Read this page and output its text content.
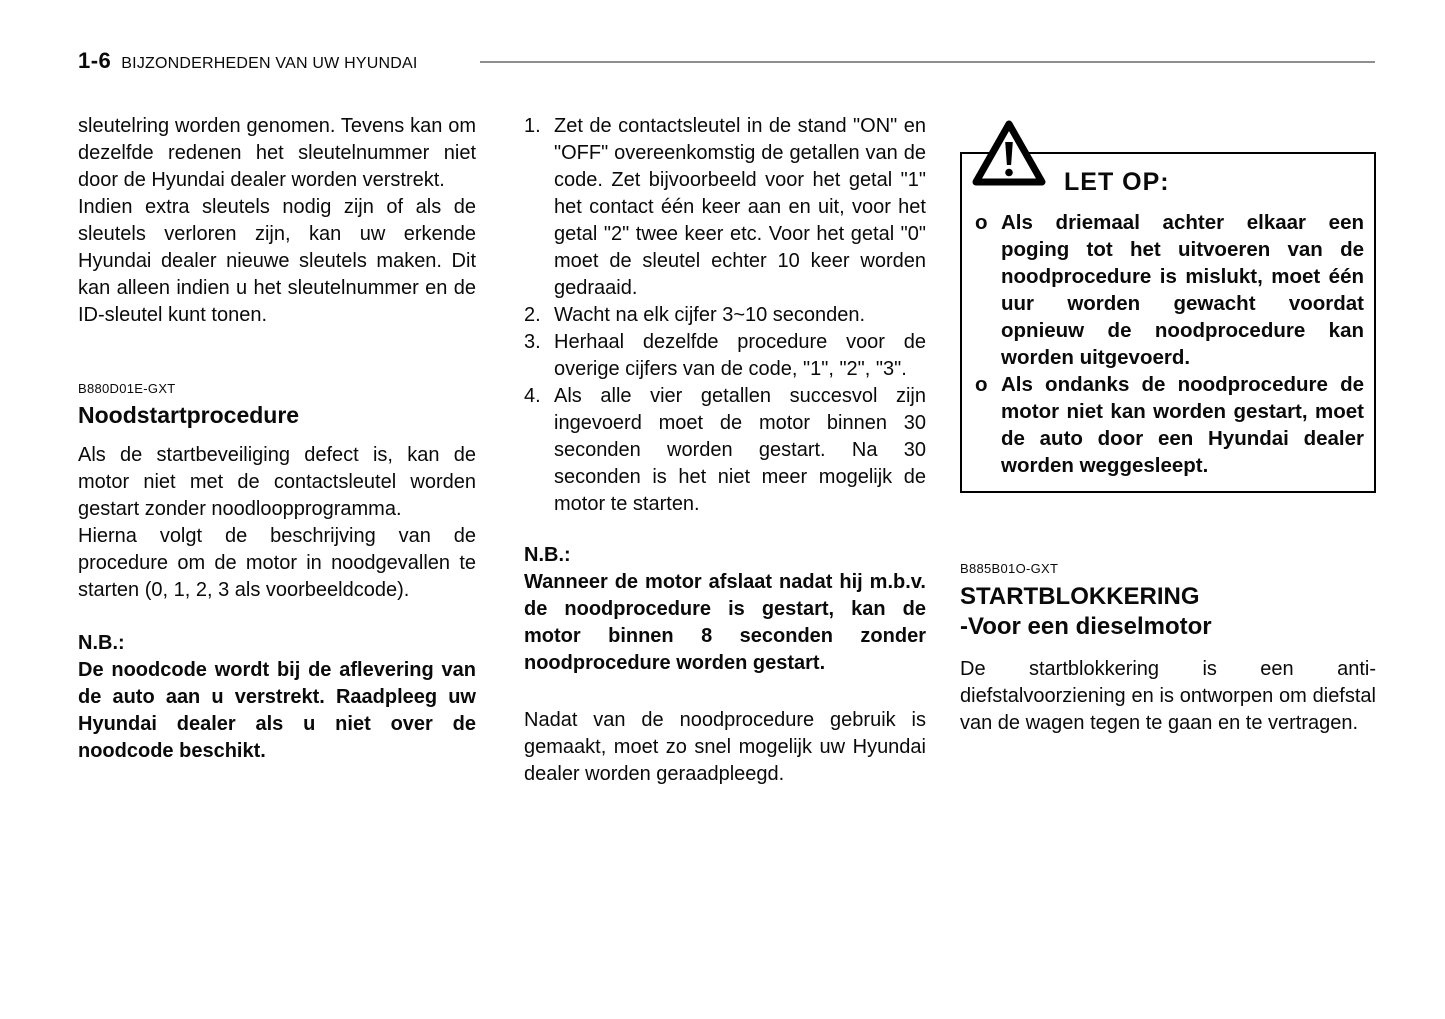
1-6 BIJZONDERHEDEN VAN UW HYUNDAI

sleutelring worden genomen. Tevens kan om dezelfde redenen het sleutelnummer niet door de Hyundai dealer worden verstrekt.

Indien extra sleutels nodig zijn of als de sleutels verloren zijn, kan uw erkende Hyundai dealer nieuwe sleutels maken. Dit kan alleen indien u het sleutelnummer en de ID-sleutel kunt tonen.

B880D01E-GXT
Noodstartprocedure

Als de startbeveiliging defect is, kan de motor niet met de contactsleutel worden gestart zonder noodloopprogramma.

Hierna volgt de beschrijving van de procedure om de motor in noodgevallen te starten (0, 1, 2, 3 als voorbeeldcode).

N.B.:

De noodcode wordt bij de aflevering van de auto aan u verstrekt. Raadpleeg uw Hyundai dealer als u niet over de noodcode beschikt.

1. Zet de contactsleutel in de stand "ON" en "OFF" overeenkomstig de getallen van de code. Zet bijvoorbeeld voor het getal "1" het contact één keer aan en uit, voor het getal "2" twee keer etc. Voor het getal "0" moet de sleutel echter 10 keer worden gedraaid.
2. Wacht na elk cijfer 3~10 seconden.
3. Herhaal dezelfde procedure voor de overige cijfers van de code, "1", "2", "3".
4. Als alle vier getallen succesvol zijn ingevoerd moet de motor binnen 30 seconden worden gestart. Na 30 seconden is het niet meer mogelijk de motor te starten.

N.B.:

Wanneer de motor afslaat nadat hij m.b.v. de noodprocedure is gestart, kan de motor binnen 8 seconden zonder noodprocedure worden gestart.

Nadat van de noodprocedure gebruik is gemaakt, moet zo snel mogelijk uw Hyundai dealer worden geraadpleegd.

LET OP:
o Als driemaal achter elkaar een poging tot het uitvoeren van de noodprocedure is mislukt, moet één uur worden gewacht voordat opnieuw de noodprocedure kan worden uitgevoerd.
o Als ondanks de noodprocedure de motor niet kan worden gestart, moet de auto door een Hyundai dealer worden weggesleept.
B885B01O-GXT
STARTBLOKKERING
-Voor een dieselmotor

De startblokkering is een anti-diefstalvoorziening en is ontworpen om diefstal van de wagen tegen te gaan en te vertragen.
